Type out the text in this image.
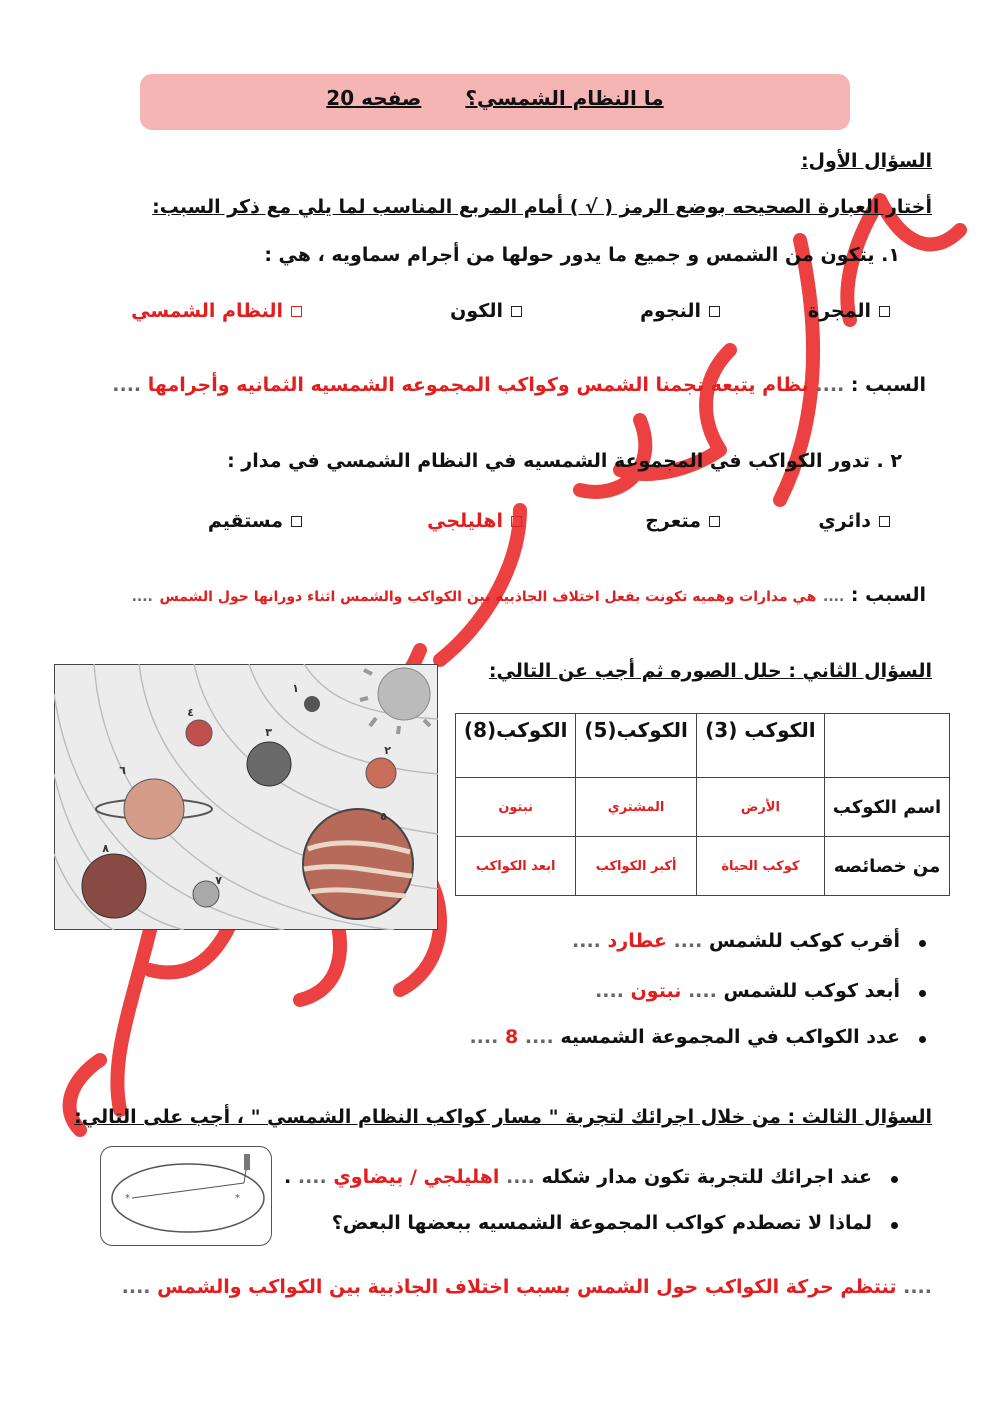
ما النظام الشمسي؟صفحه 20
السؤال الأول:
أختار العبارة الصحيحه بوضع الرمز ( √ ) أمام المربع المناسب لما يلي مع ذكر السبب:
١. يتكون من الشمس و جميع ما يدور حولها من أجرام سماويه ، هي :
المجرة
النجوم
الكون
النظام الشمسي
السبب : .... نظام يتبعه نجمنا الشمس وكواكب المجموعه الشمسيه الثمانيه وأجرامها ....
٢ . تدور الكواكب في المجموعة الشمسيه في النظام الشمسي في مدار :
دائري
متعرج
اهليلجي
مستقيم
السبب : .... هي مدارات وهميه تكونت بفعل اختلاف الجاذبيه بين الكواكب والشمس اثناء دورانها حول الشمس ....
السؤال الثاني : حلل الصوره ثم أجب عن التالي:
١
٢
٣
٤
٥
٦
٧
٨
	الكوكب (3)	الكوكب(5)	الكوكب(8)
اسم الكوكب	الأرض	المشتري	نبتون
من خصائصه	كوكب الحياة	أكبر الكواكب	ابعد الكواكب
أقرب كوكب للشمس .... عطارد ....
أبعد كوكب للشمس .... نبتون ....
عدد الكواكب في المجموعة الشمسيه .... 8 ....
السؤال الثالث : من خلال اجرائك لتجربة " مسار كواكب النظام الشمسي " ، أجب على التالي:
*	*
عند اجرائك للتجربة تكون مدار شكله .... اهليلجي / بيضاوي .... .
لماذا لا تصطدم كواكب المجموعة الشمسيه ببعضها البعض؟
.... تنتظم حركة الكواكب حول الشمس بسبب اختلاف الجاذبية بين الكواكب والشمس ....
